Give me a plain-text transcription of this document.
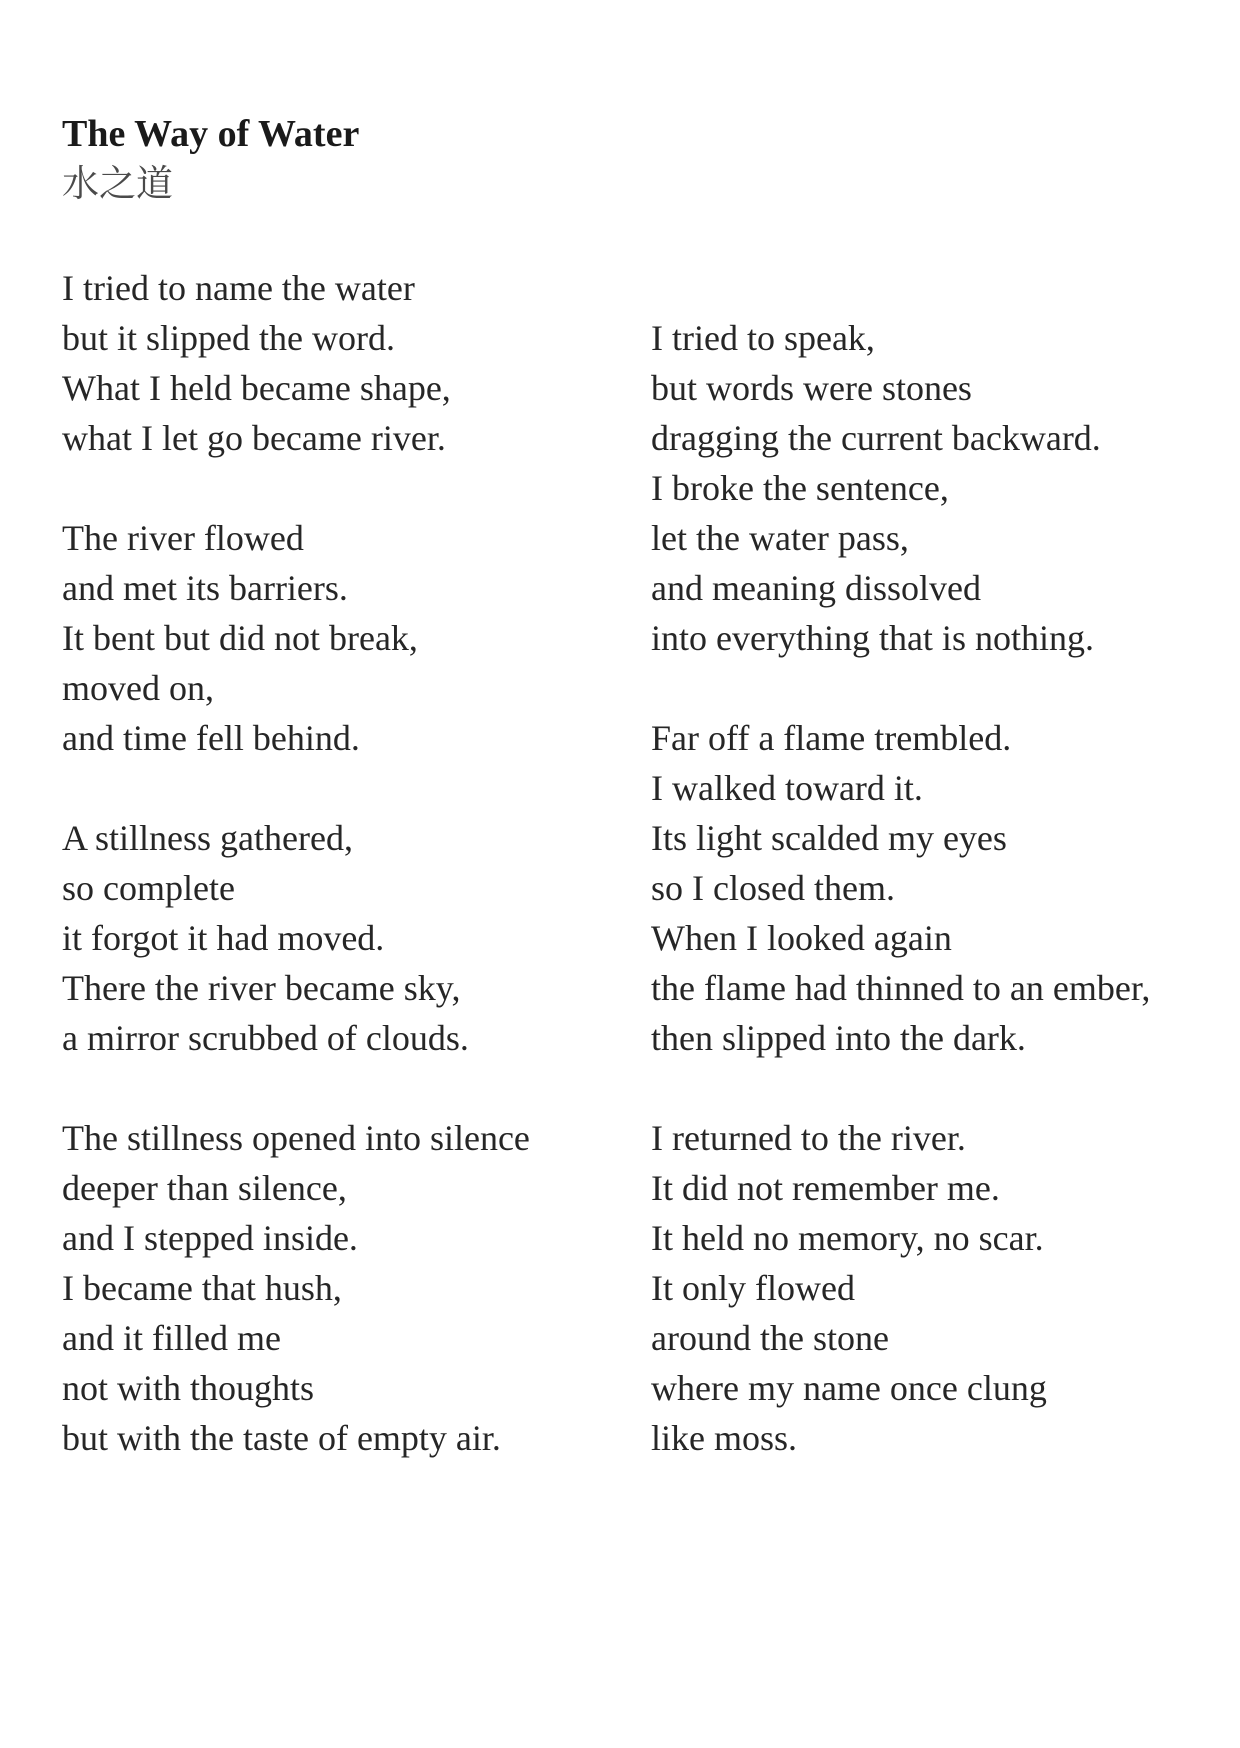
The Way of Water
水之道
I tried to name the water
but it slipped the word.
What I held became shape,
what I let go became river.
The river flowed
and met its barriers.
It bent but did not break,
moved on,
and time fell behind.
A stillness gathered,
so complete
it forgot it had moved.
There the river became sky,
a mirror scrubbed of clouds.
The stillness opened into silence
deeper than silence,
and I stepped inside.
I became that hush,
and it filled me
not with thoughts
but with the taste of empty air.
I tried to speak,
but words were stones
dragging the current backward.
I broke the sentence,
let the water pass,
and meaning dissolved
into everything that is nothing.
Far off a flame trembled.
I walked toward it.
Its light scalded my eyes
so I closed them.
When I looked again
the flame had thinned to an ember,
then slipped into the dark.
I returned to the river.
It did not remember me.
It held no memory, no scar.
It only flowed
around the stone
where my name once clung
like moss.
